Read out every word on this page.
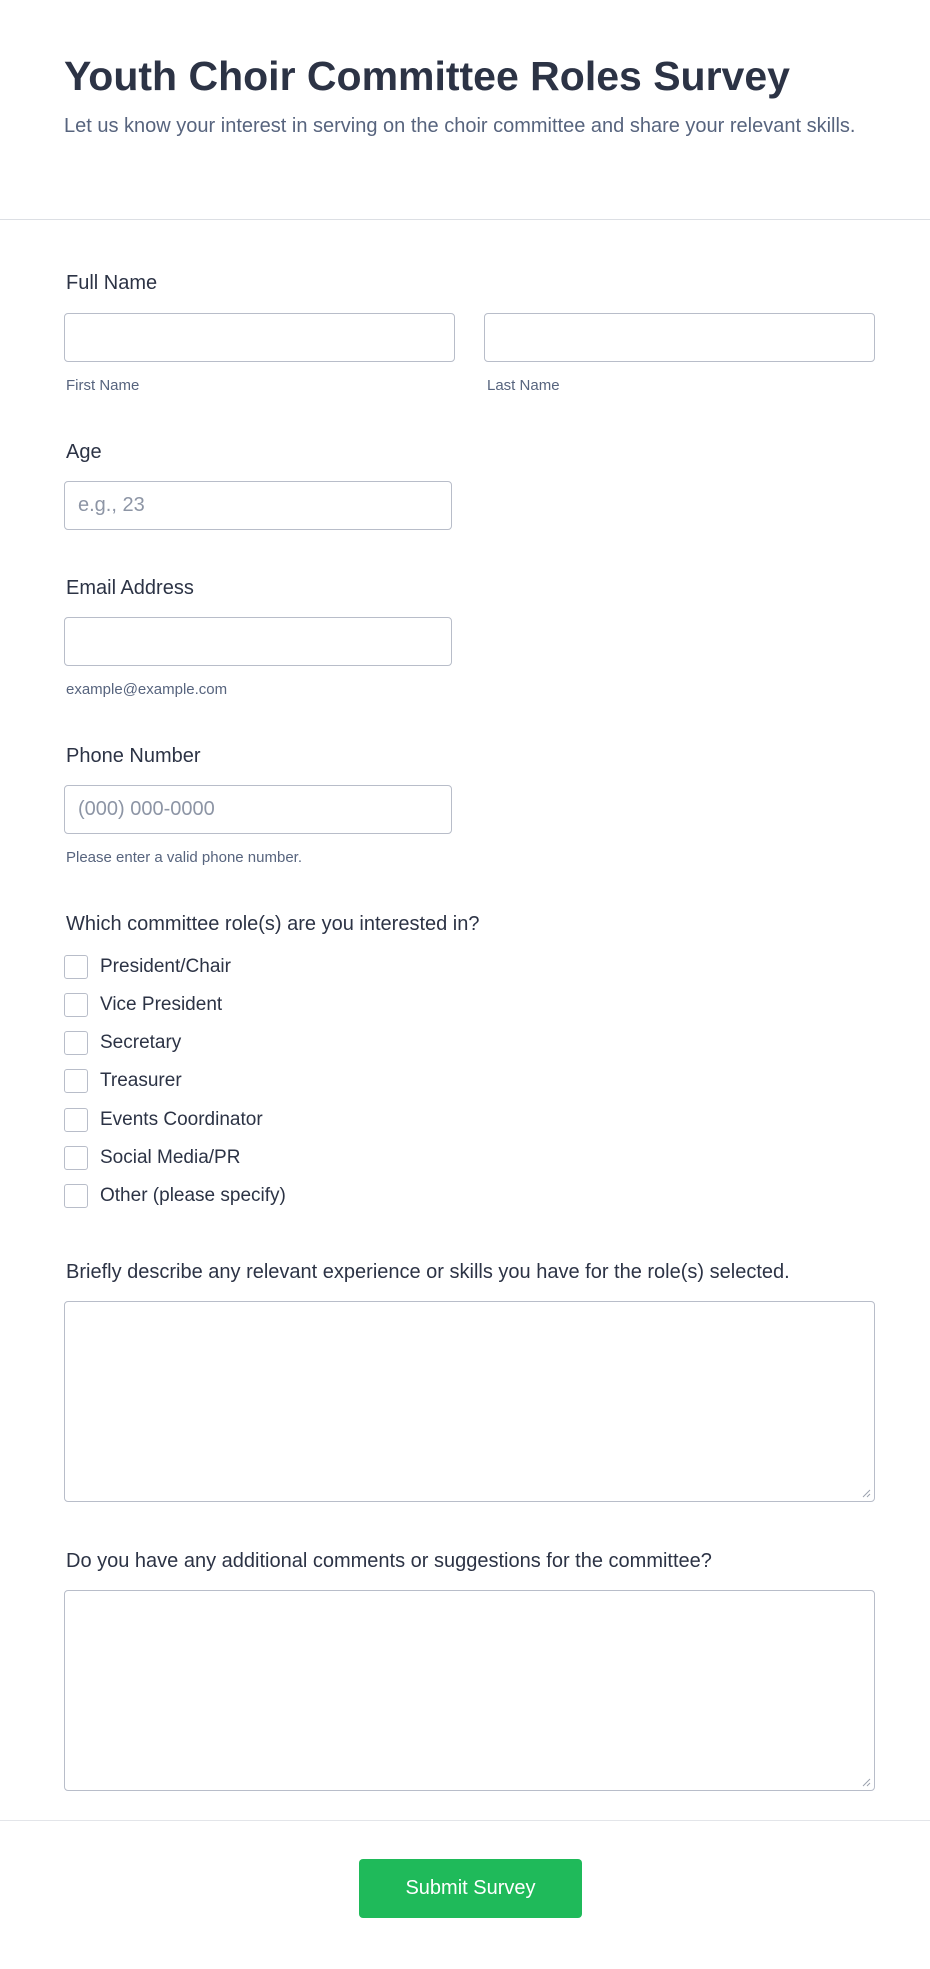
Youth Choir Committee Roles Survey

Let us know your interest in serving on the choir committee and share your relevant skills.

Full Name
First Name	Last Name
Age
e.g., 23
Email Address
example@example.com
Phone Number
(000) 000-0000
Please enter a valid phone number.
Which committee role(s) are you interested in?
President/Chair
Vice President
Secretary
Treasurer
Events Coordinator
Social Media/PR
Other (please specify)
Briefly describe any relevant experience or skills you have for the role(s) selected.
Do you have any additional comments or suggestions for the committee?
Submit Survey
